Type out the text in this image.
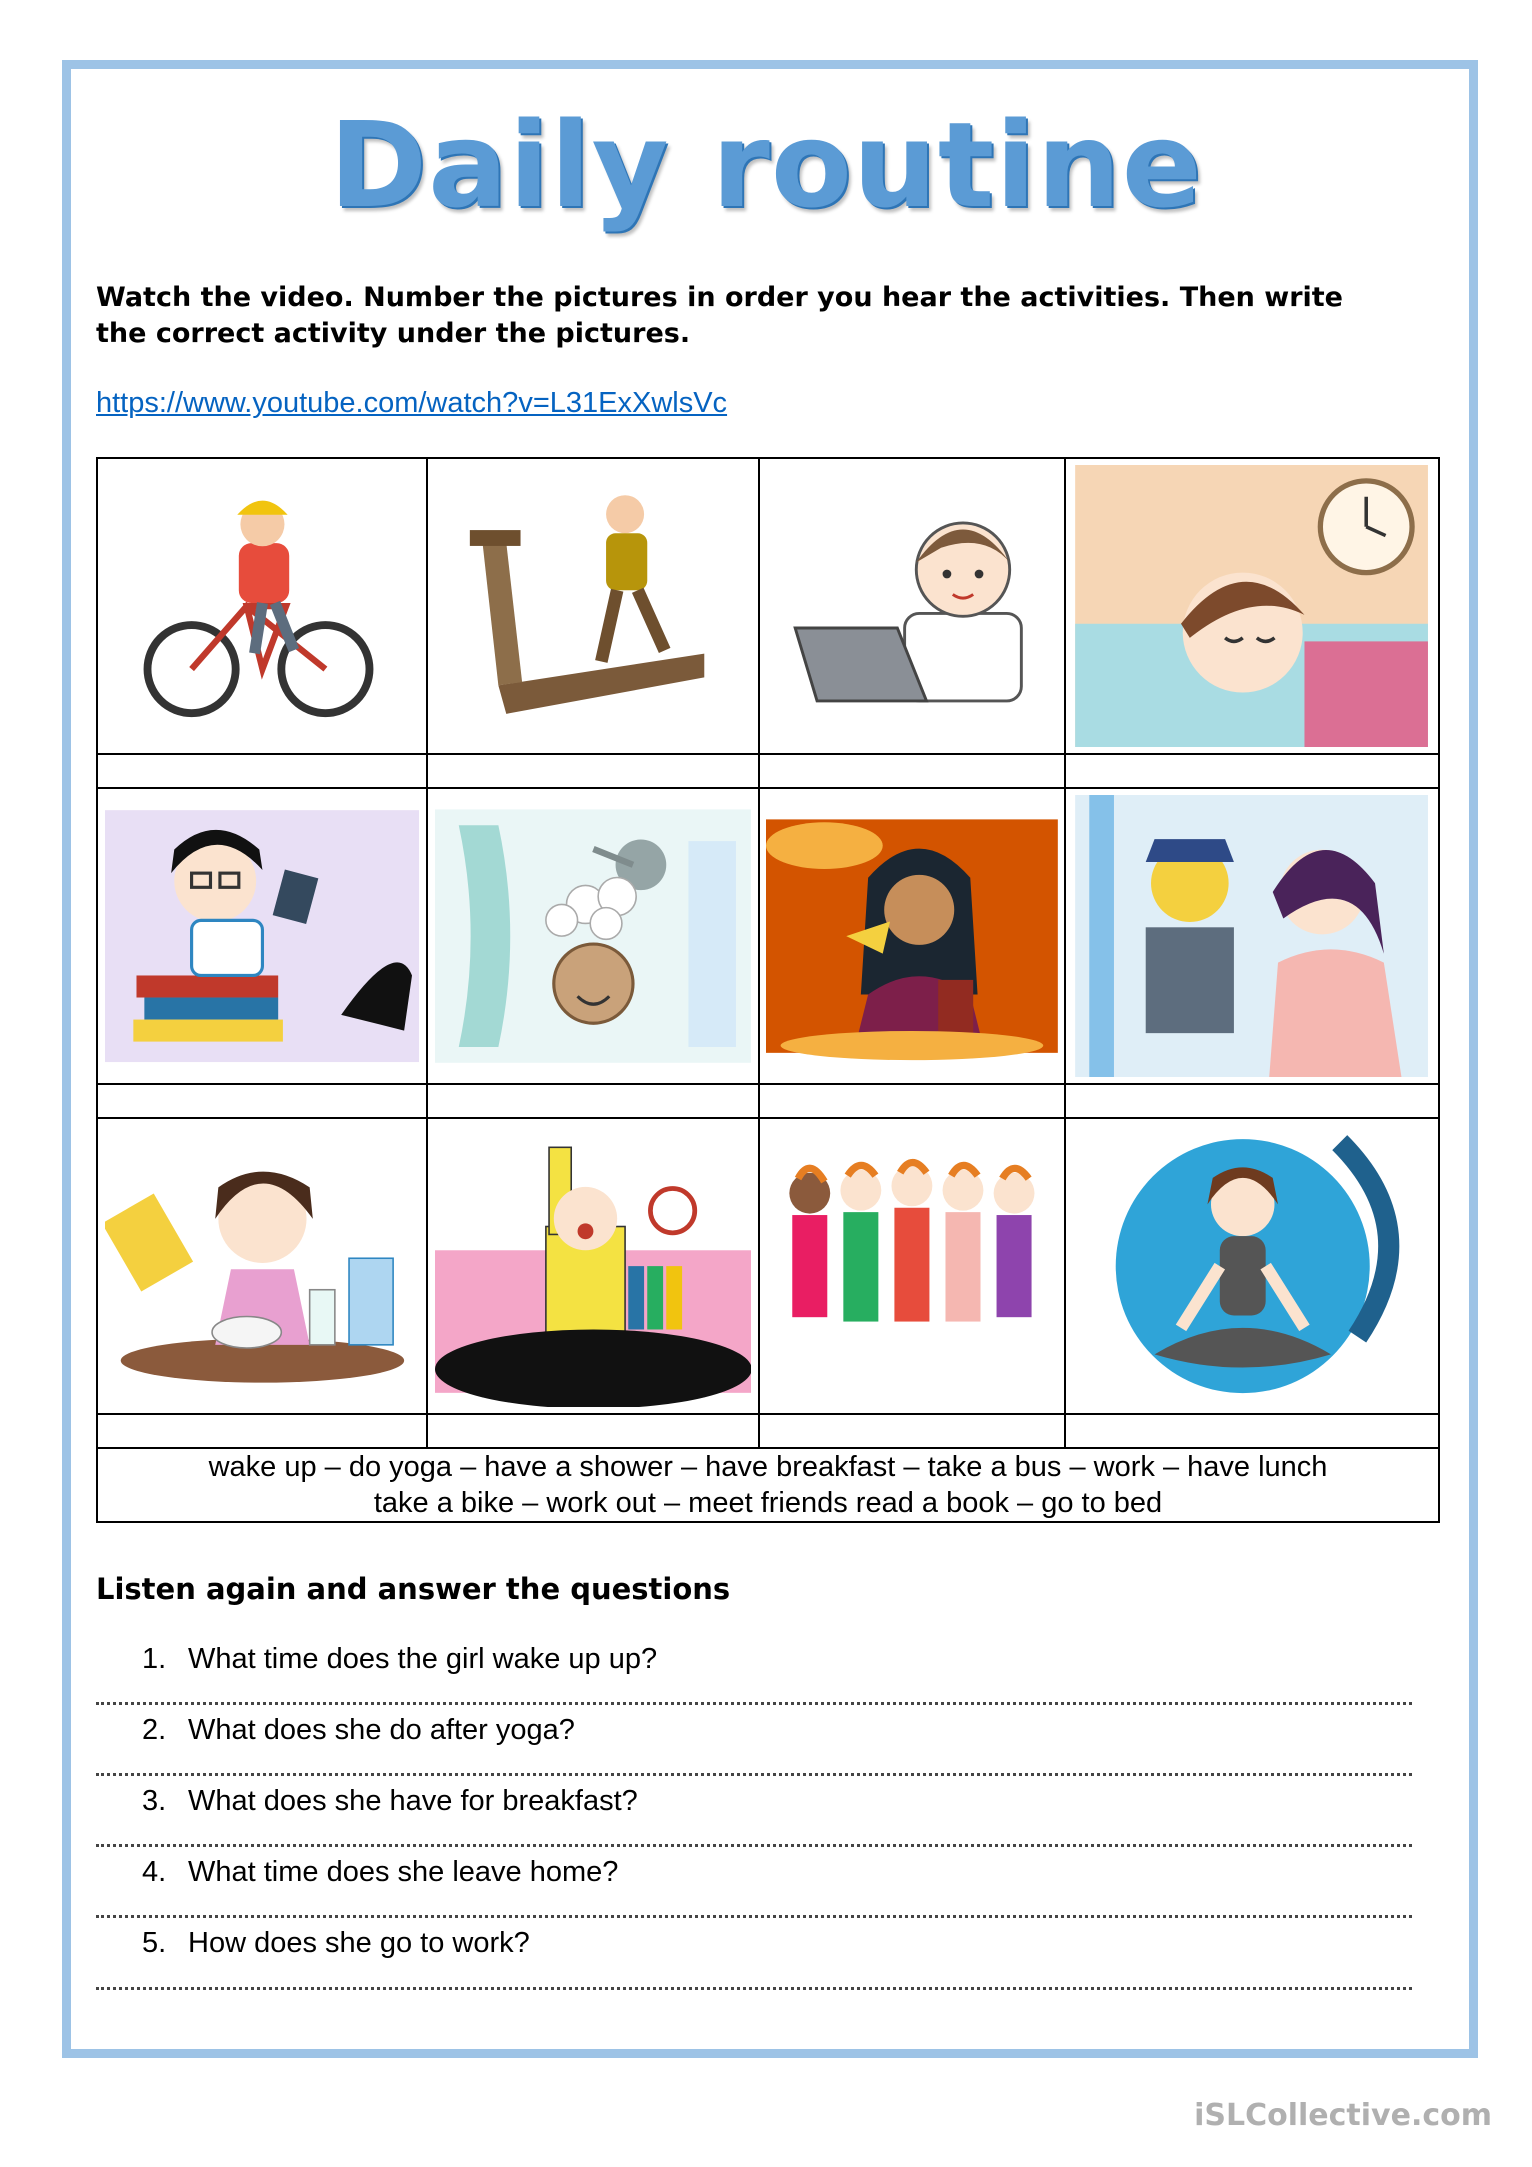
Daily routine
Watch the video. Number the pictures in order you hear the activities. Then write the correct activity under the pictures.
https://www.youtube.com/watch?v=L31ExXwlsVc

wake up – do yoga – have a shower – have breakfast – take a bus – work – have lunch
take a bike – work out – meet friends read a book – go to bed			
Listen again and answer the questions
1. What time does the girl wake up up?
2. What does she do after yoga?
3. What does she have for breakfast?
4. What time does she leave home?
5. How does she go to work?
iSLCollective.com
